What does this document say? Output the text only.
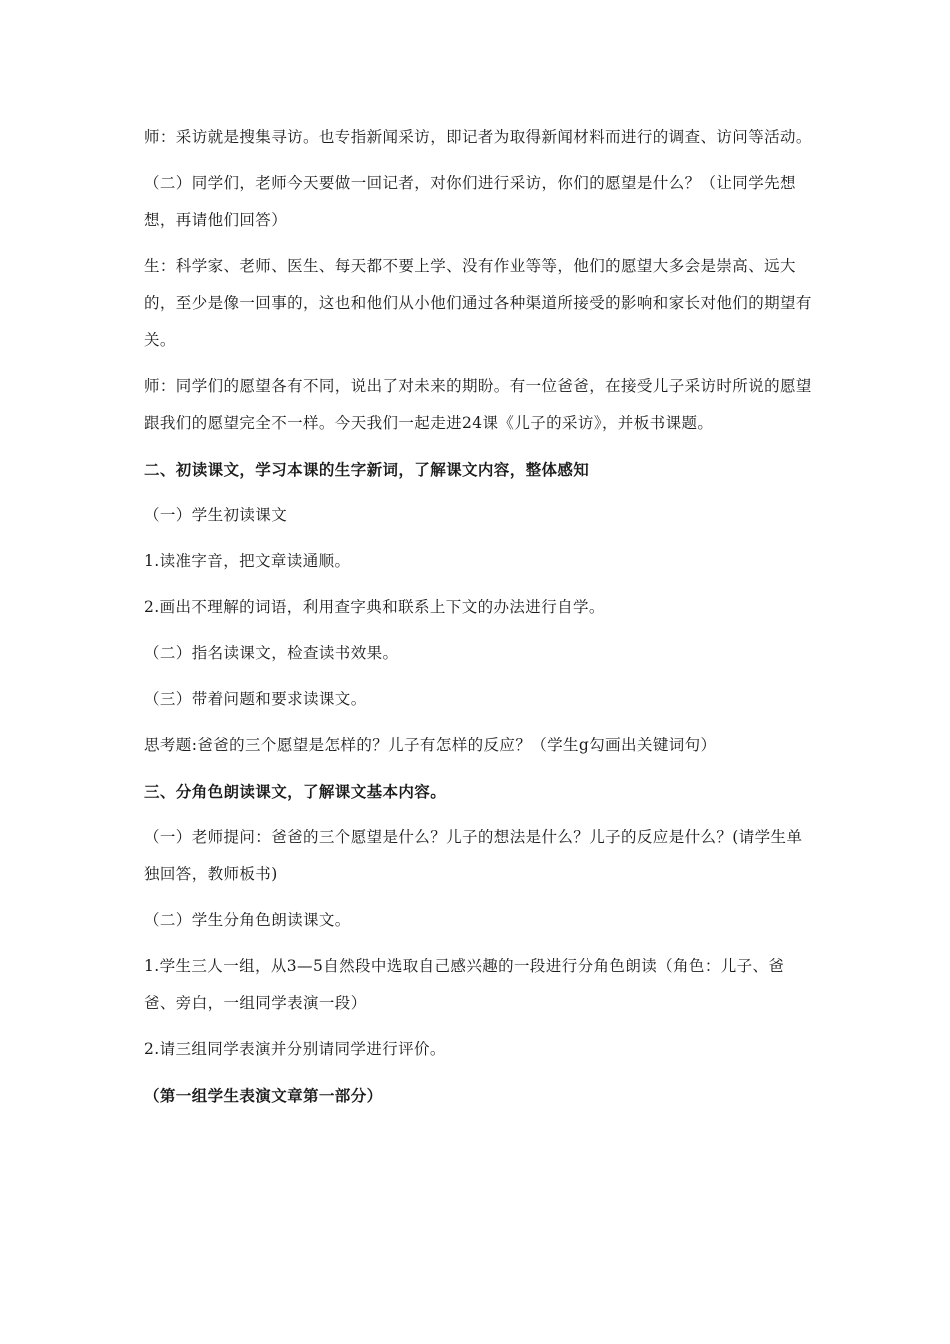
师：采访就是搜集寻访。也专指新闻采访，即记者为取得新闻材料而进行的调查、访问等活动。

（二）同学们，老师今天要做一回记者，对你们进行采访，你们的愿望是什么？（让同学先想想，再请他们回答）

生：科学家、老师、医生、每天都不要上学、没有作业等等，他们的愿望大多会是崇高、远大的，至少是像一回事的，这也和他们从小他们通过各种渠道所接受的影响和家长对他们的期望有关。

师：同学们的愿望各有不同，说出了对未来的期盼。有一位爸爸，在接受儿子采访时所说的愿望跟我们的愿望完全不一样。今天我们一起走进24课《儿子的采访》，并板书课题。

二、初读课文，学习本课的生字新词，了解课文内容，整体感知

（一）学生初读课文

1.读准字音，把文章读通顺。

2.画出不理解的词语，利用查字典和联系上下文的办法进行自学。

（二）指名读课文，检查读书效果。

（三）带着问题和要求读课文。

思考题:爸爸的三个愿望是怎样的？儿子有怎样的反应？（学生g勾画出关键词句）

三、分角色朗读课文，了解课文基本内容。

（一）老师提问：爸爸的三个愿望是什么？儿子的想法是什么？儿子的反应是什么？(请学生单独回答，教师板书)

（二）学生分角色朗读课文。

1.学生三人一组，从3—5自然段中选取自己感兴趣的一段进行分角色朗读（角色：儿子、爸爸、旁白，一组同学表演一段）

2.请三组同学表演并分别请同学进行评价。

（第一组学生表演文章第一部分）
